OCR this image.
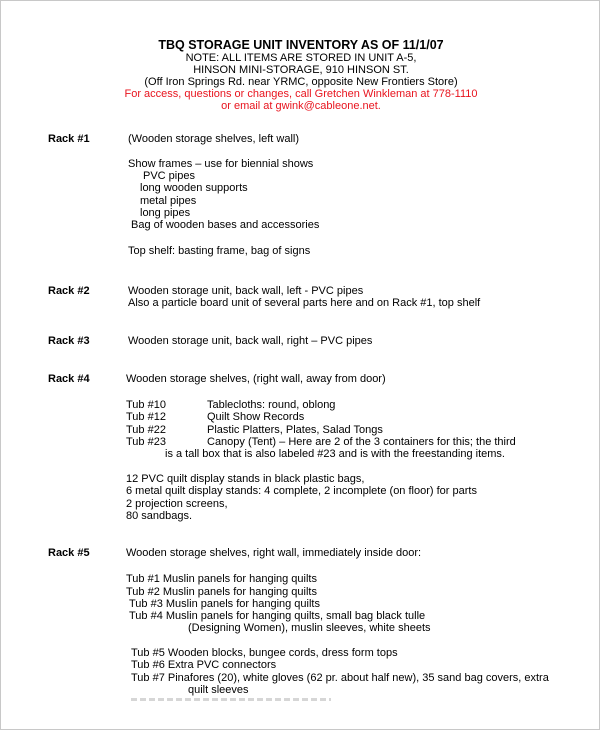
TBQ STORAGE UNIT INVENTORY AS OF 11/1/07
NOTE: ALL ITEMS ARE STORED IN UNIT A-5,
HINSON MINI-STORAGE, 910 HINSON ST.
(Off Iron Springs Rd. near YRMC, opposite New Frontiers Store)
For access, questions or changes, call Gretchen Winkleman at 778-1110
or email at gwink@cableone.net.
Rack #1	(Wooden storage shelves, left wall)
Show frames – use for biennial shows
PVC pipes
long wooden supports
metal pipes
long pipes
Bag of wooden bases and accessories
Top shelf: basting frame, bag of signs
Rack #2	Wooden storage unit, back wall, left - PVC pipes
Also a particle board unit of several parts here and on Rack #1, top shelf
Rack #3	Wooden storage unit, back wall, right – PVC pipes
Rack #4	Wooden storage shelves, (right wall, away from door)
Tub #10	Tablecloths: round, oblong
Tub #12	Quilt Show Records
Tub #22	Plastic Platters, Plates, Salad Tongs
Tub #23	Canopy (Tent) – Here are 2 of the 3 containers for this; the third
is a tall box that is also labeled #23 and is with the freestanding items.
12 PVC quilt display stands in black plastic bags,
6 metal quilt display stands: 4 complete, 2 incomplete (on floor) for parts
2 projection screens,
80 sandbags.
Rack #5	Wooden storage shelves, right wall, immediately inside door:
Tub #1 Muslin panels for hanging quilts
Tub #2 Muslin panels for hanging quilts
Tub #3 Muslin panels for hanging quilts
Tub #4 Muslin panels for hanging quilts, small bag black tulle
(Designing Women), muslin sleeves, white sheets
Tub #5 Wooden blocks, bungee cords, dress form tops
Tub #6 Extra PVC connectors
Tub #7 Pinafores (20), white gloves (62 pr. about half new), 35 sand bag covers, extra
quilt sleeves
